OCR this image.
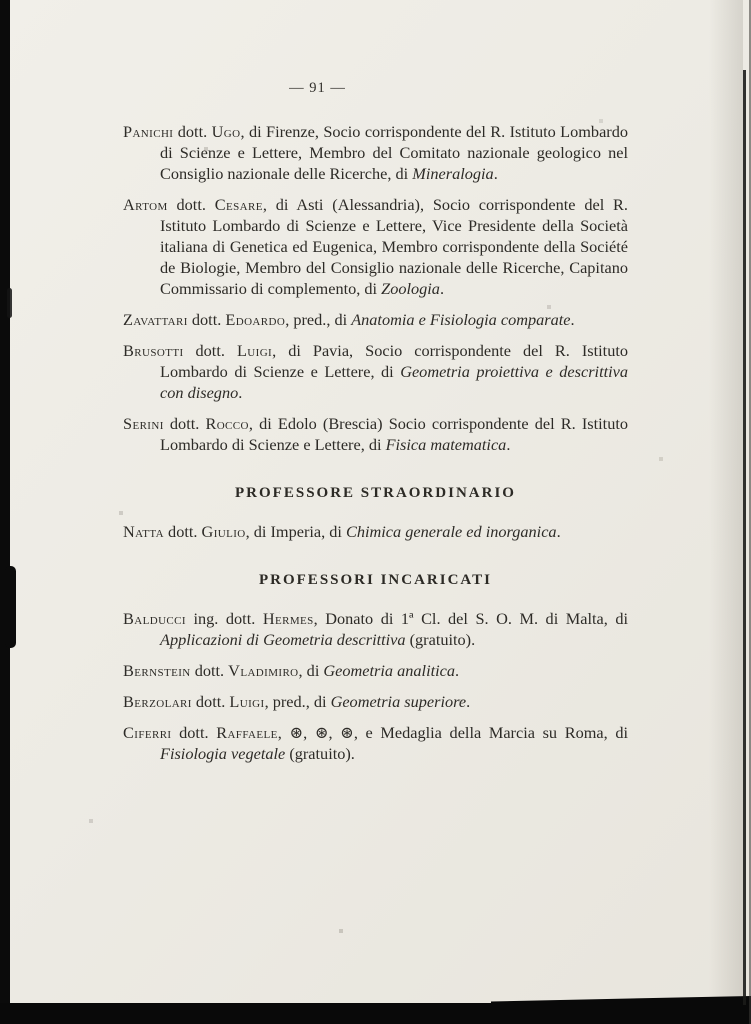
— 91 —

Panichi dott. Ugo, di Firenze, Socio corrispondente del R. Istituto Lombardo di Scienze e Lettere, Membro del Comitato nazionale geologico nel Consiglio nazionale delle Ricerche, di Mineralogia.

Artom dott. Cesare, di Asti (Alessandria), Socio corrispondente del R. Istituto Lombardo di Scienze e Lettere, Vice Presidente della Società italiana di Genetica ed Eugenica, Membro corrispondente della Société de Biologie, Membro del Consiglio nazionale delle Ricerche, Capitano Commissario di complemento, di Zoologia.

Zavattari dott. Edoardo, pred., di Anatomia e Fisiologia comparate.

Brusotti dott. Luigi, di Pavia, Socio corrispondente del R. Istituto Lombardo di Scienze e Lettere, di Geometria proiettiva e descrittiva con disegno.

Serini dott. Rocco, di Edolo (Brescia) Socio corrispondente del R. Istituto Lombardo di Scienze e Lettere, di Fisica matematica.

PROFESSORE STRAORDINARIO

Natta dott. Giulio, di Imperia, di Chimica generale ed inorganica.

PROFESSORI INCARICATI

Balducci ing. dott. Hermes, Donato di 1ª Cl. del S. O. M. di Malta, di Applicazioni di Geometria descrittiva (gratuito).

Bernstein dott. Vladimiro, di Geometria analitica.

Berzolari dott. Luigi, pred., di Geometria superiore.

Ciferri dott. Raffaele, ⊛, ⊛, ⊛, e Medaglia della Marcia su Roma, di Fisiologia vegetale (gratuito).
